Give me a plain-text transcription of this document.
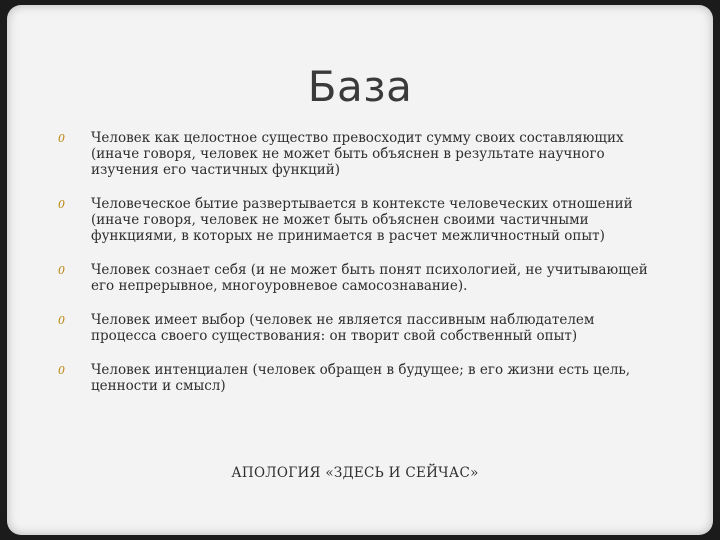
База
0 Человек как целостное существо превосходит сумму своих составляющих (иначе говоря, человек не может быть объяснен в результате научного изучения его частичных функций)
0 Человеческое бытие развертывается в контексте человеческих отношений (иначе говоря, человек не может быть объяснен своими частичными функциями, в которых не принимается в расчет межличностный опыт)
0 Человек сознает себя (и не может быть понят психологией, не учитывающей его непрерывное, многоуровневое самосознавание).
0 Человек имеет выбор (человек не является пассивным наблюдателем процесса своего существования: он творит свой собственный опыт)
0 Человек интенциален (человек обращен в будущее; в его жизни есть цель, ценности и смысл)
АПОЛОГИЯ «ЗДЕСЬ И СЕЙЧАС»
